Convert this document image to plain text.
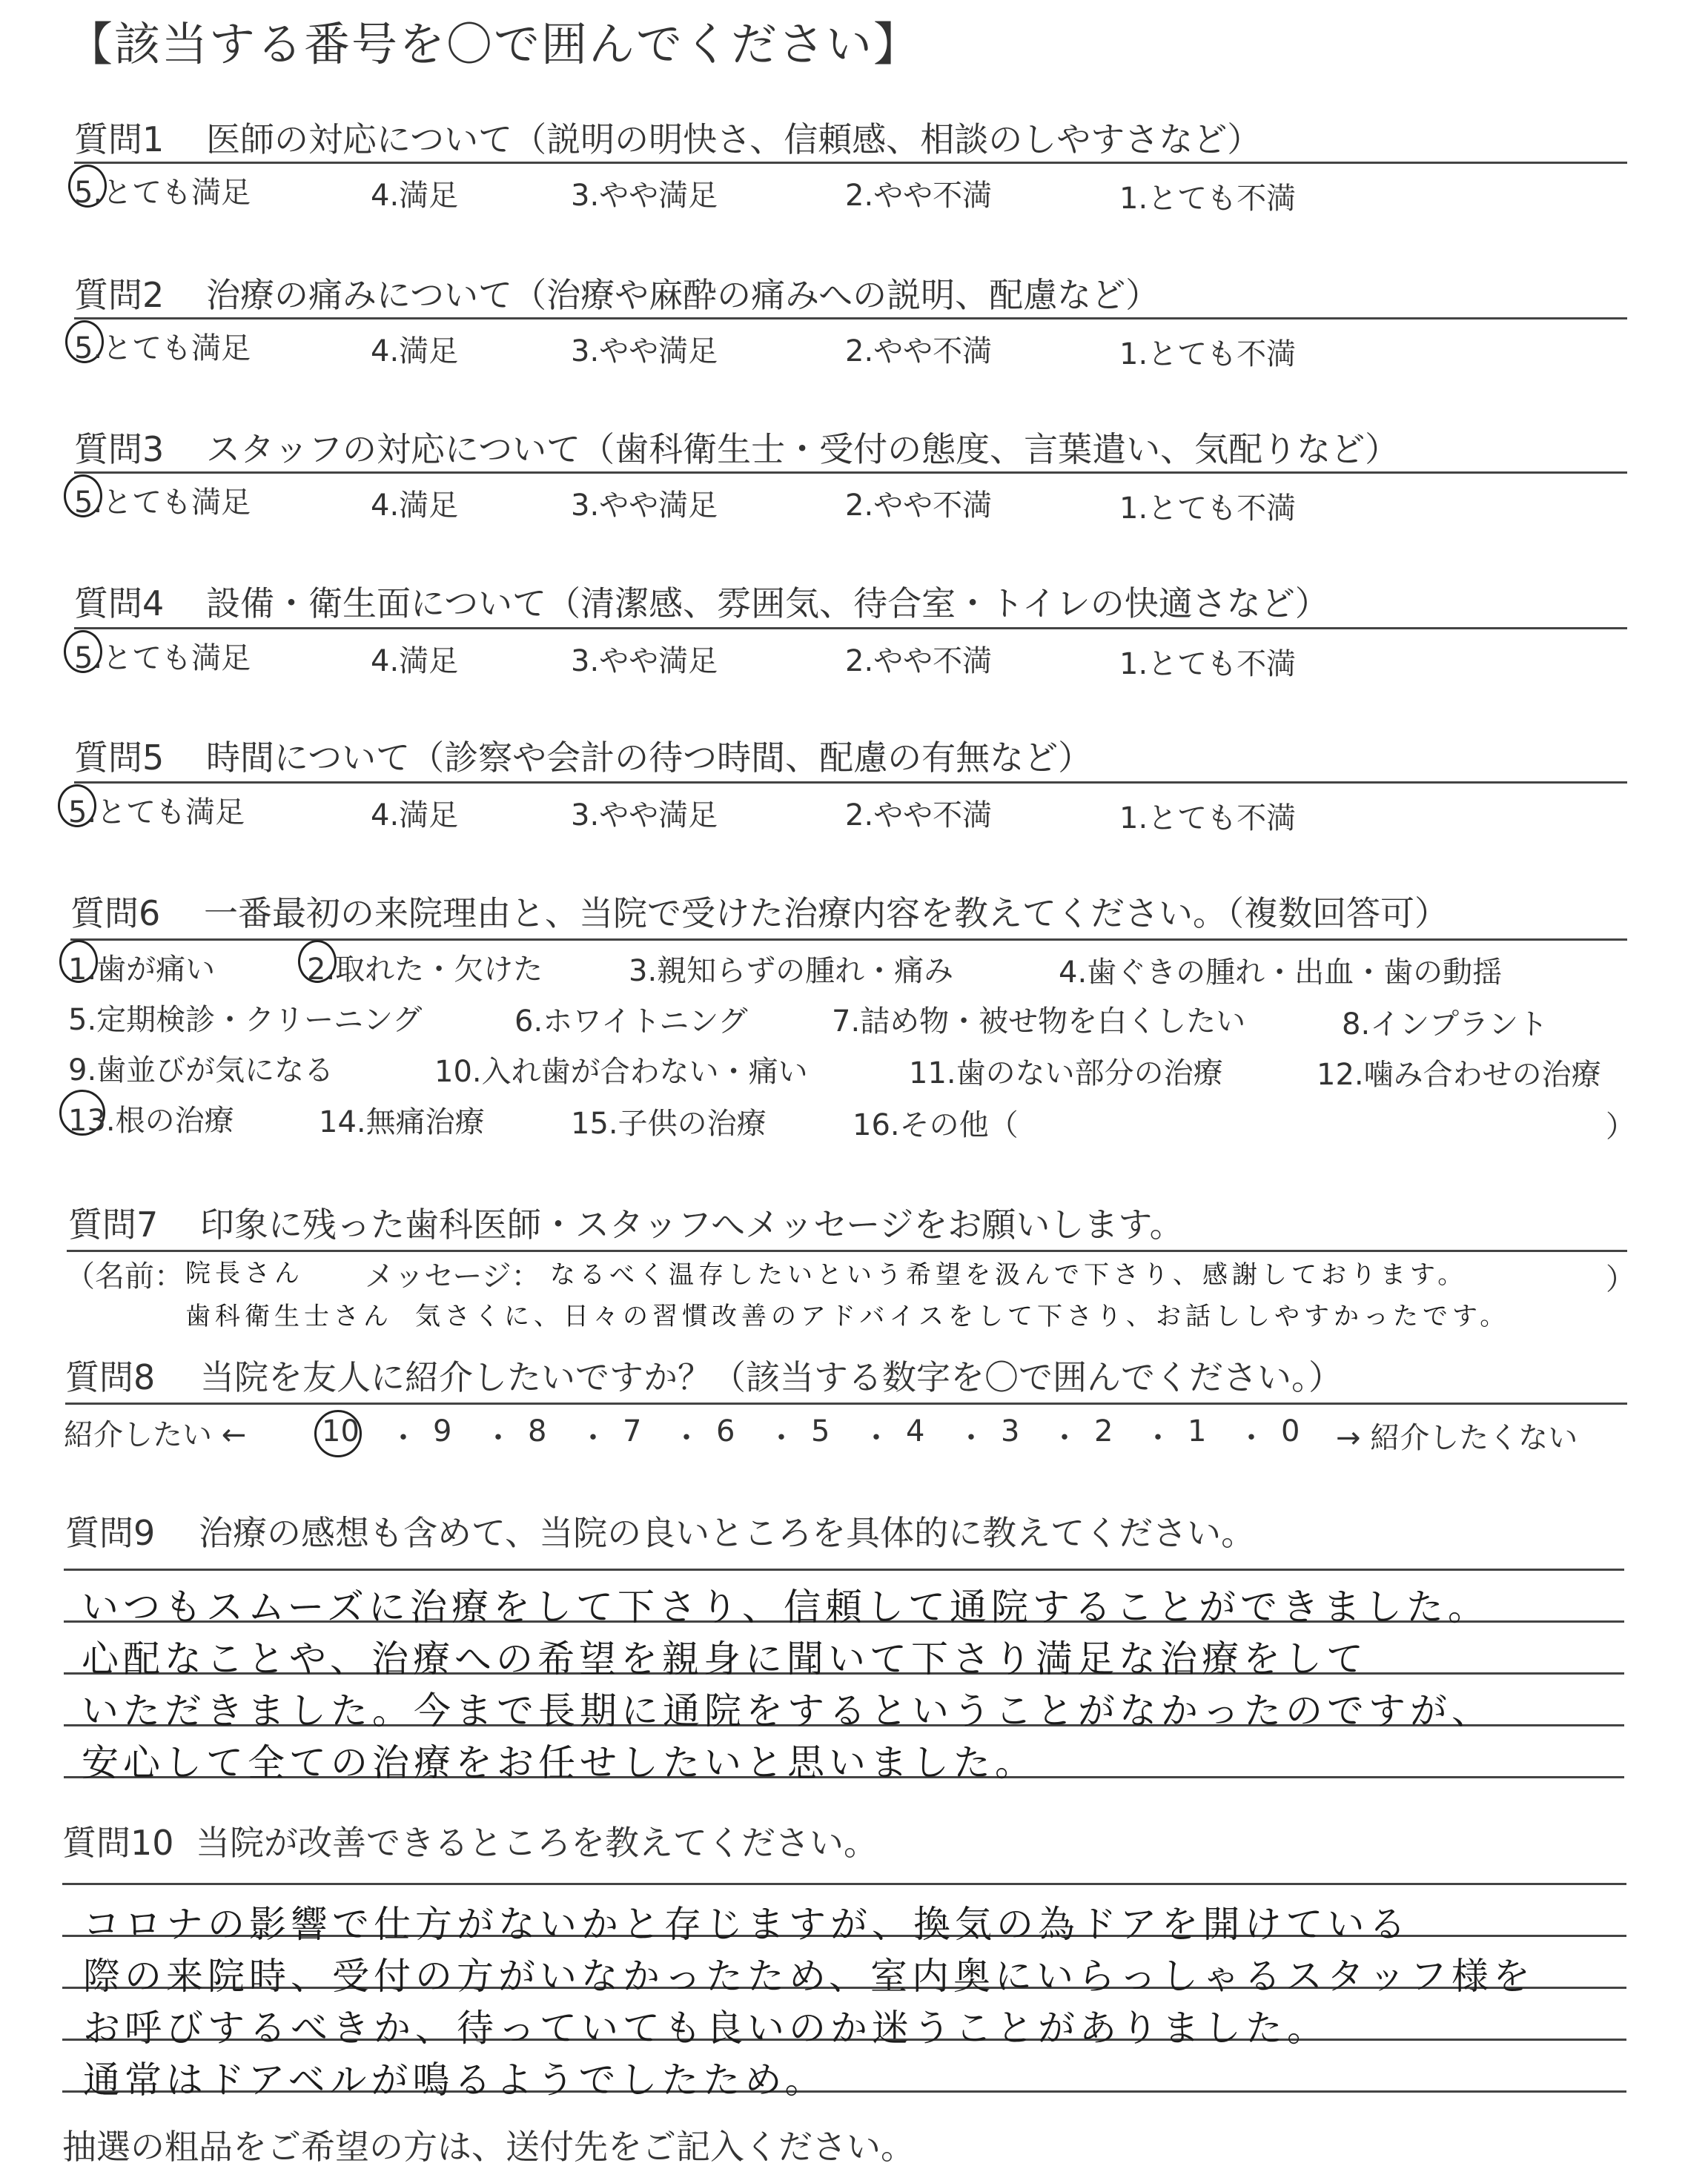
【該当する番号を〇で囲んでください】
質問1 医師の対応について（説明の明快さ、信頼感、相談のしやすさなど）
5.とても満足	4.満足	3.やや満足	2.やや不満	1.とても不満
質問2 治療の痛みについて（治療や麻酔の痛みへの説明、配慮など）
5.とても満足	4.満足	3.やや満足	2.やや不満	1.とても不満
質問3 スタッフの対応について（歯科衛生士・受付の態度、言葉遣い、気配りなど）
5.とても満足	4.満足	3.やや満足	2.やや不満	1.とても不満
質問4 設備・衛生面について（清潔感、雰囲気、待合室・トイレの快適さなど）
5.とても満足	4.満足	3.やや満足	2.やや不満	1.とても不満
質問5 時間について（診察や会計の待つ時間、配慮の有無など）
5.とても満足	4.満足	3.やや満足	2.やや不満	1.とても不満
質問6 一番最初の来院理由と、当院で受けた治療内容を教えてください。（複数回答可）
1.歯が痛い	2.取れた・欠けた	3.親知らずの腫れ・痛み	4.歯ぐきの腫れ・出血・歯の動揺
5.定期検診・クリーニング	6.ホワイトニング	7.詰め物・被せ物を白くしたい	8.インプラント
9.歯並びが気になる	10.入れ歯が合わない・痛い	11.歯のない部分の治療	12.噛み合わせの治療
13.根の治療	14.無痛治療	15.子供の治療	16.その他（	）
質問7 印象に残った歯科医師・スタッフへメッセージをお願いします。
（名前： 院長さん メッセージ： なるべく温存したいという希望を汲んで下さり、感謝しております。	）
歯科衛生士さん 気さくに、日々の習慣改善のアドバイスをして下さり、お話ししやすかったです。
質問8 当院を友人に紹介したいですか？（該当する数字を〇で囲んでください。）
紹介したい ←	10 ・ 9 ・ 8 ・ 7 ・ 6 ・ 5 ・ 4 ・ 3 ・ 2 ・ 1 ・ 0 → 紹介したくない
質問9 治療の感想も含めて、当院の良いところを具体的に教えてください。
いつもスムーズに治療をして下さり、信頼して通院することができました。
心配なことや、治療への希望を親身に聞いて下さり満足な治療をして
いただきました。今まで長期に通院をするということがなかったのですが、
安心して全ての治療をお任せしたいと思いました。
質問10 当院が改善できるところを教えてください。
コロナの影響で仕方がないかと存じますが、換気の為ドアを開けている
際の来院時、受付の方がいなかったため、室内奥にいらっしゃるスタッフ様を
お呼びするべきか、待っていても良いのか迷うことがありました。
通常はドアベルが鳴るようでしたため。
抽選の粗品をご希望の方は、送付先をご記入ください。
